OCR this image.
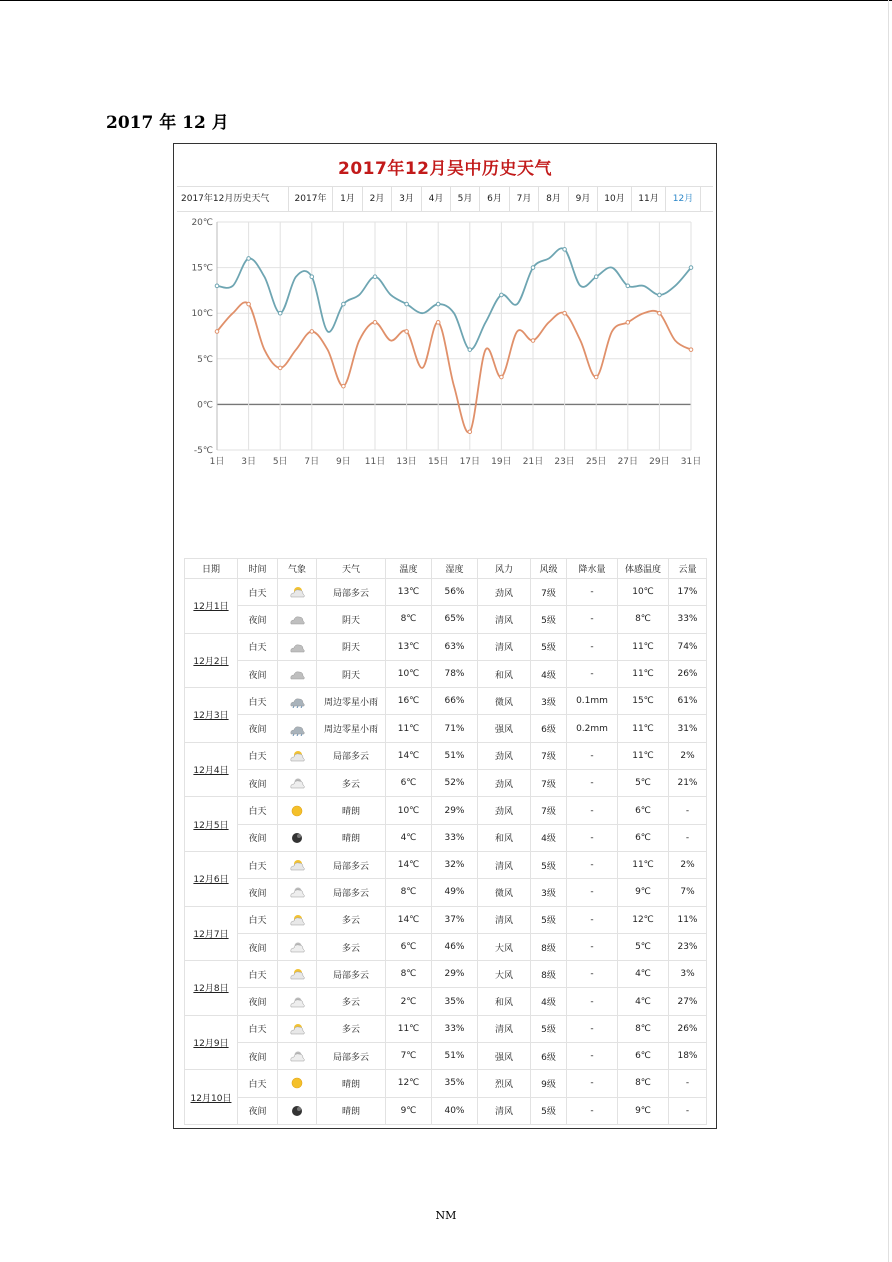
2017 年 12 月
2017年12月吴中历史天气
2017年12月历史天气	2017年	1月	2月	3月	4月	5月	6月	7月	8月	9月	10月	11月	12月
20℃
15℃
10℃
5℃
0℃
-5℃
1日 3日 5日 7日 9日 11日 13日 15日 17日 19日 21日 23日 25日 27日 29日 31日
日期	时间	气象	天气	温度	湿度	风力	风级	降水量	体感温度	云量
12月1日	白天		局部多云	13℃	56%	劲风	7级	-	10℃	17%
	夜间		阴天	8℃	65%	清风	5级	-	8℃	33%
12月2日	白天		阴天	13℃	63%	清风	5级	-	11℃	74%
	夜间		阴天	10℃	78%	和风	4级	-	11℃	26%
12月3日	白天		周边零星小雨	16℃	66%	微风	3级	0.1mm	15℃	61%
	夜间		周边零星小雨	11℃	71%	强风	6级	0.2mm	11℃	31%
12月4日	白天		局部多云	14℃	51%	劲风	7级	-	11℃	2%
	夜间		多云	6℃	52%	劲风	7级	-	5℃	21%
12月5日	白天		晴朗	10℃	29%	劲风	7级	-	6℃	-
	夜间		晴朗	4℃	33%	和风	4级	-	6℃	-
12月6日	白天		局部多云	14℃	32%	清风	5级	-	11℃	2%
	夜间		局部多云	8℃	49%	微风	3级	-	9℃	7%
12月7日	白天		多云	14℃	37%	清风	5级	-	12℃	11%
	夜间		多云	6℃	46%	大风	8级	-	5℃	23%
12月8日	白天		局部多云	8℃	29%	大风	8级	-	4℃	3%
	夜间		多云	2℃	35%	和风	4级	-	4℃	27%
12月9日	白天		多云	11℃	33%	清风	5级	-	8℃	26%
	夜间		局部多云	7℃	51%	强风	6级	-	6℃	18%
12月10日	白天		晴朗	12℃	35%	烈风	9级	-	8℃	-
	夜间		晴朗	9℃	40%	清风	5级	-	9℃	-
NM
